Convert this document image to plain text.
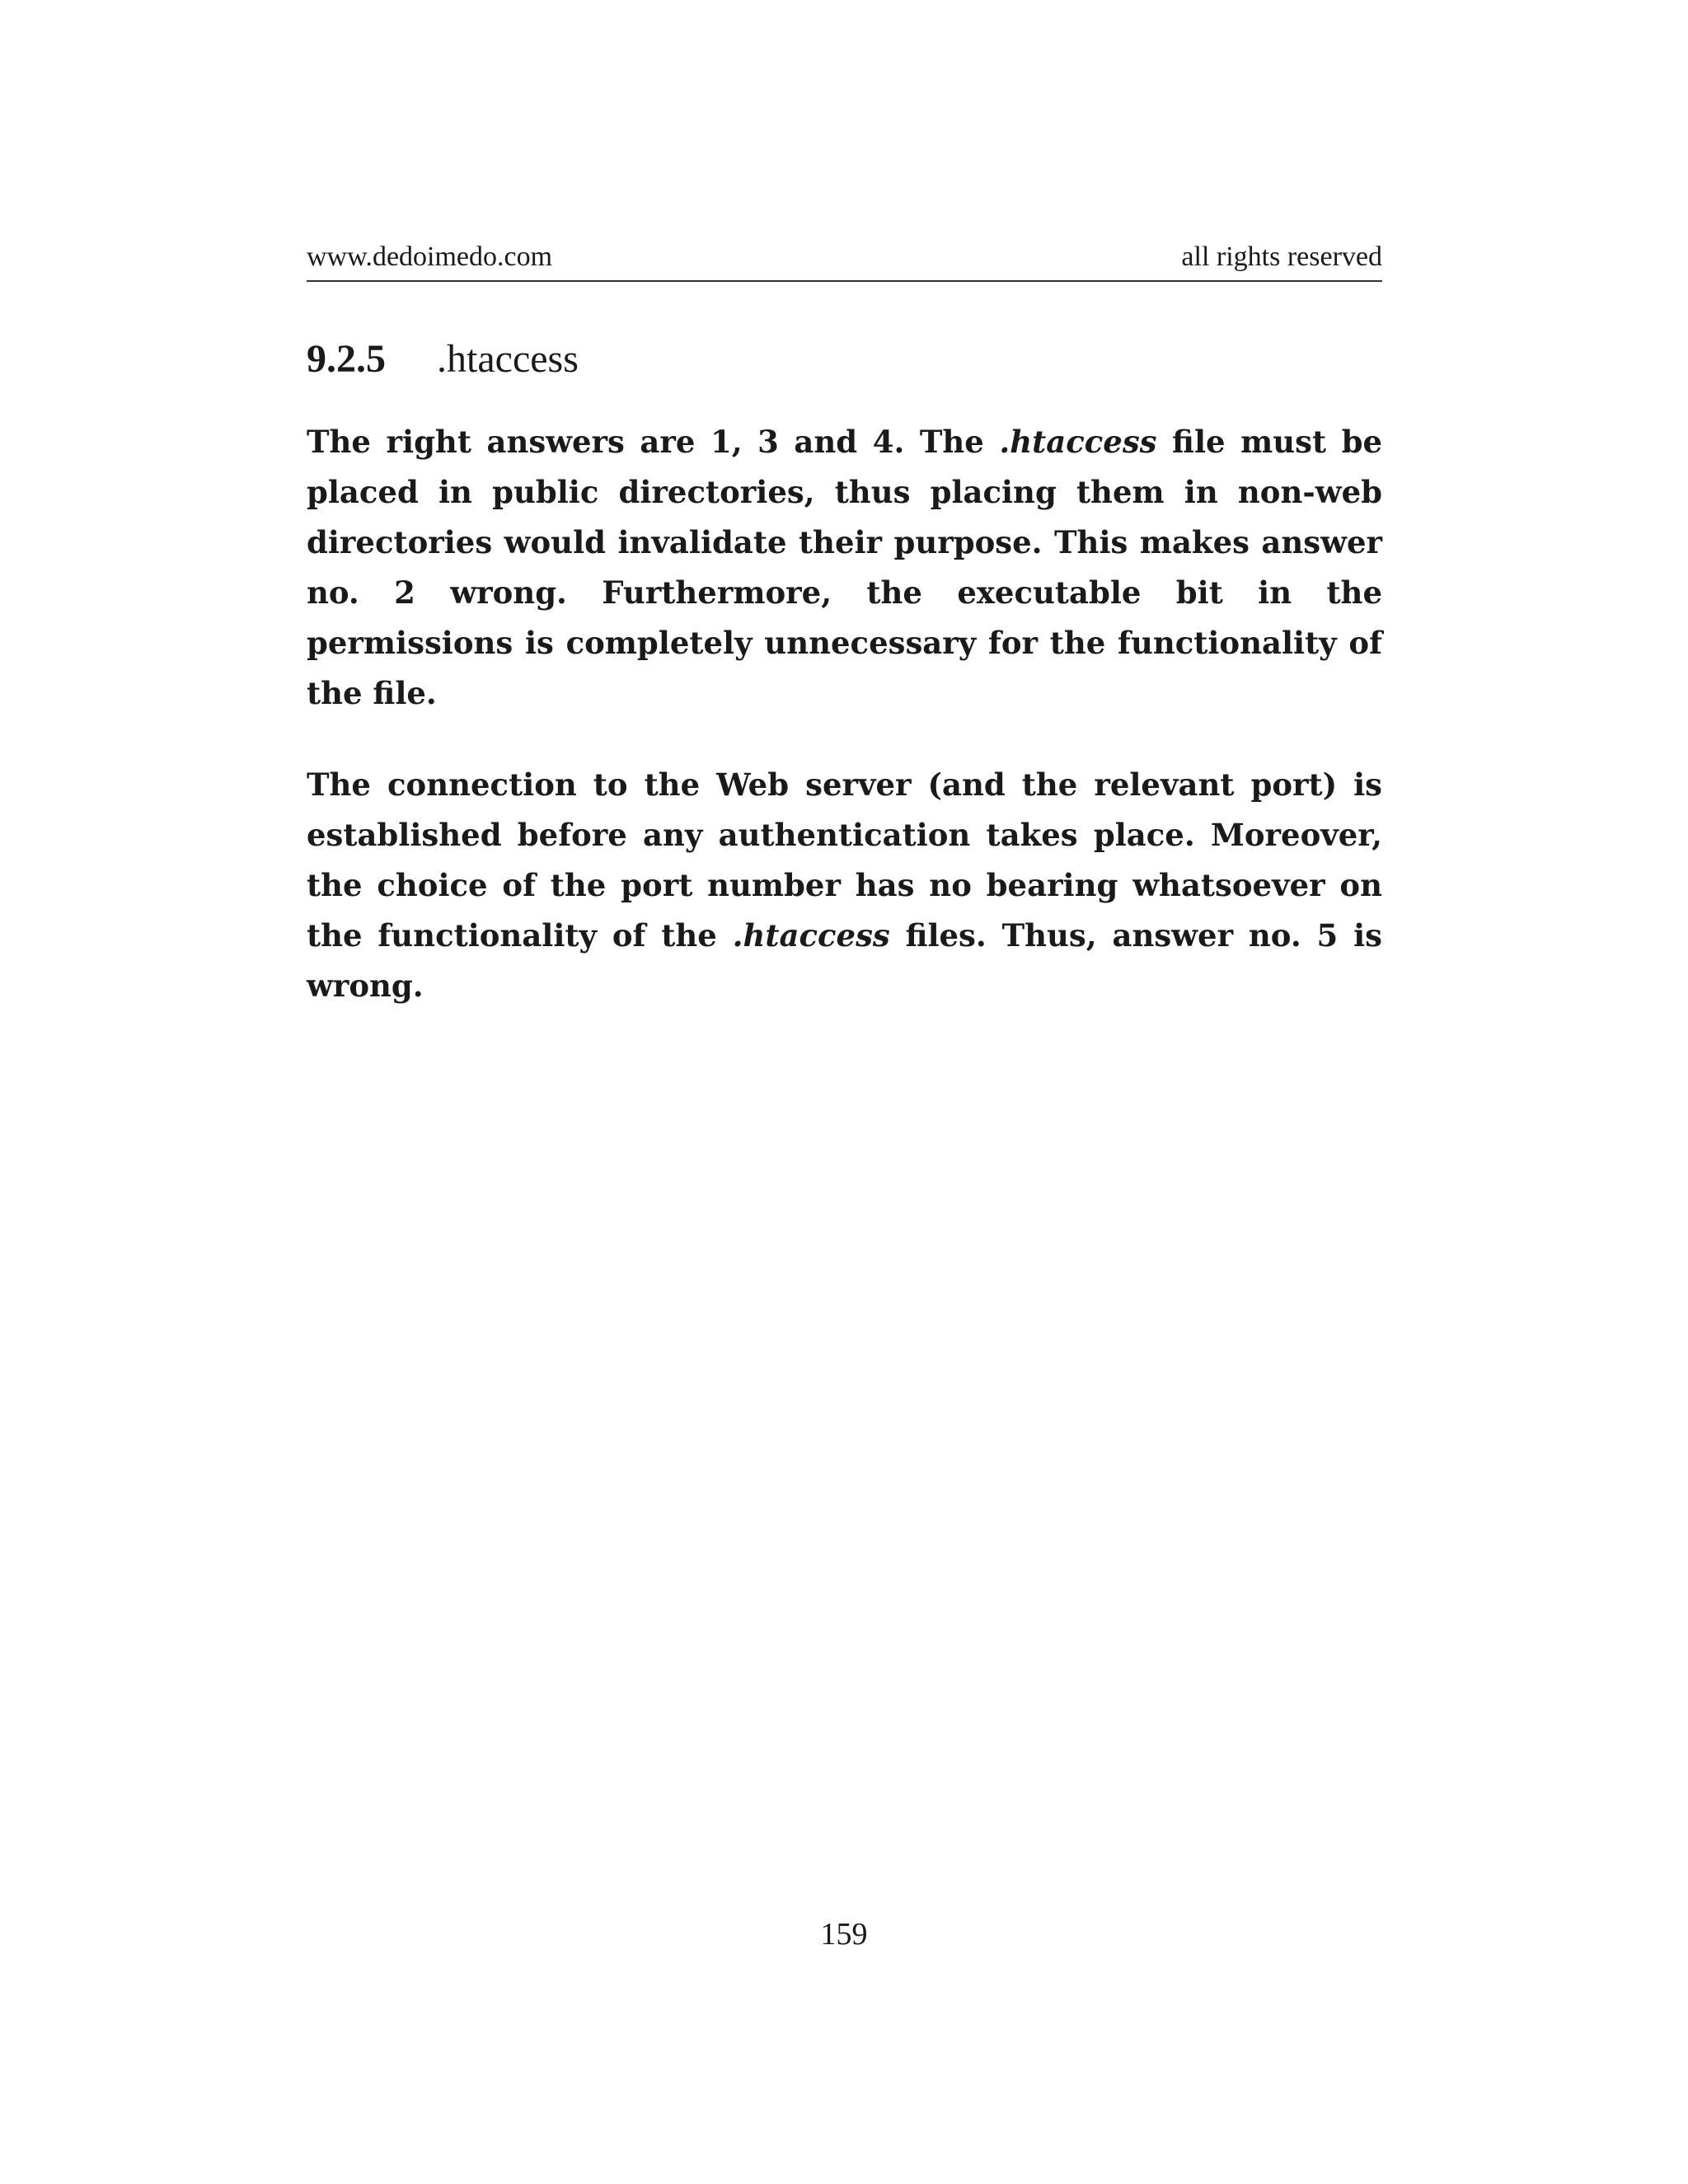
www.dedoimedo.com	all rights reserved
9.2.5 .htaccess

The right answers are 1, 3 and 4. The .htaccess file must be placed in public directories, thus placing them in non-web directories would invalidate their purpose. This makes answer no. 2 wrong. Furthermore, the executable bit in the permissions is completely unnecessary for the functionality of the file.

The connection to the Web server (and the relevant port) is established before any authentication takes place. Moreover, the choice of the port number has no bearing whatsoever on the functionality of the .htaccess files. Thus, answer no. 5 is wrong.

159
